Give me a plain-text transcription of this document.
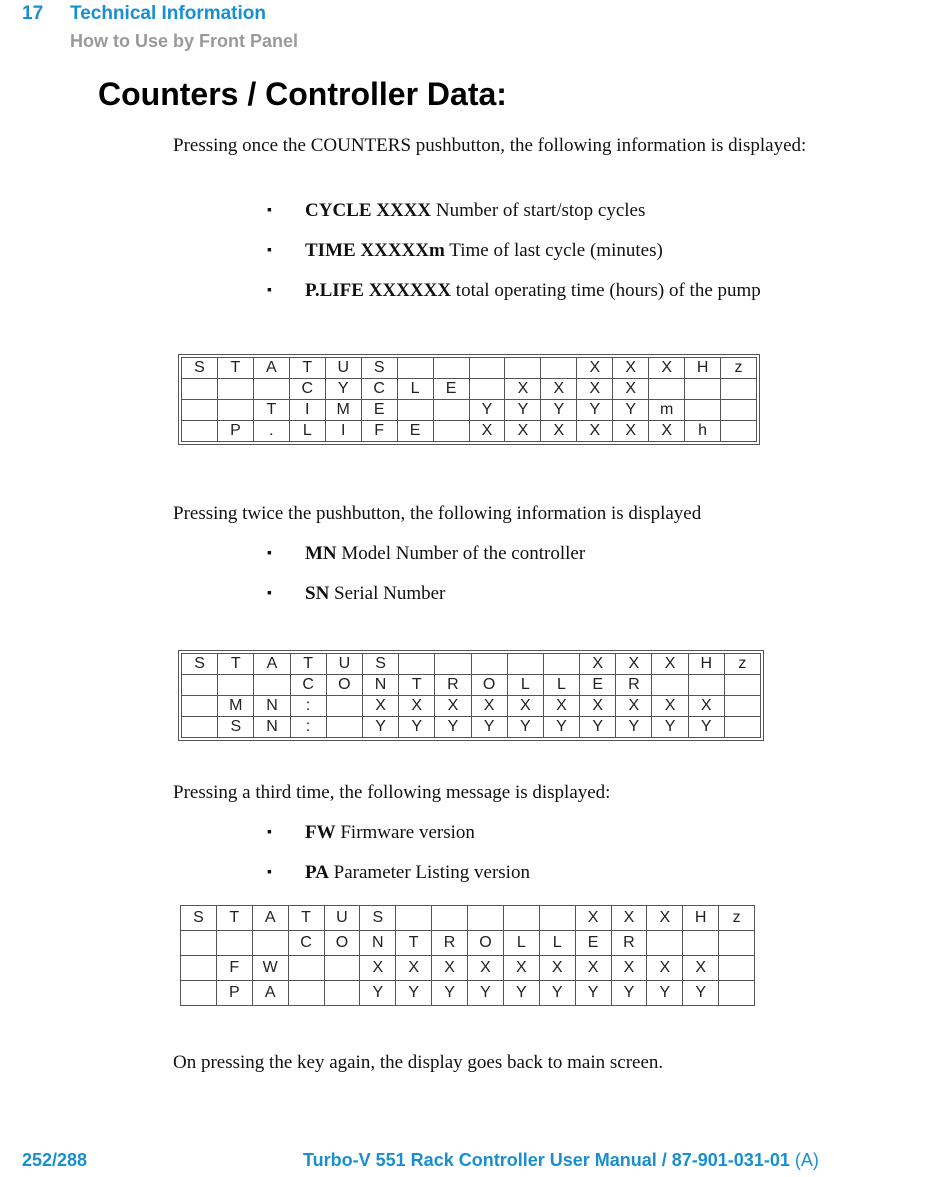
17 Technical Information
How to Use by Front Panel
Counters / Controller Data:
Pressing once the COUNTERS pushbutton, the following information is displayed:
▪ CYCLE XXXX Number of start/stop cycles
▪ TIME XXXXXm Time of last cycle (minutes)
▪ P.LIFE XXXXXX total operating time (hours) of the pump
S	T	A	T	U	S						X	X	X	H	z
			C	Y	C	L	E		X	X	X	X			
		T	I	M	E			Y	Y	Y	Y	Y	m		
	P	.	L	I	F	E		X	X	X	X	X	X	h	
Pressing twice the pushbutton, the following information is displayed
▪ MN Model Number of the controller
▪ SN Serial Number
S	T	A	T	U	S						X	X	X	H	z
			C	O	N	T	R	O	L	L	E	R			
	M	N	:		X	X	X	X	X	X	X	X	X	X	
	S	N	:		Y	Y	Y	Y	Y	Y	Y	Y	Y	Y	
Pressing a third time, the following message is displayed:
▪ FW Firmware version
▪ PA Parameter Listing version
S	T	A	T	U	S						X	X	X	H	z
			C	O	N	T	R	O	L	L	E	R			
	F	W			X	X	X	X	X	X	X	X	X	X	
	P	A			Y	Y	Y	Y	Y	Y	Y	Y	Y	Y	
On pressing the key again, the display goes back to main screen.
252/288	Turbo-V 551 Rack Controller User Manual / 87-901-031-01 (A)
